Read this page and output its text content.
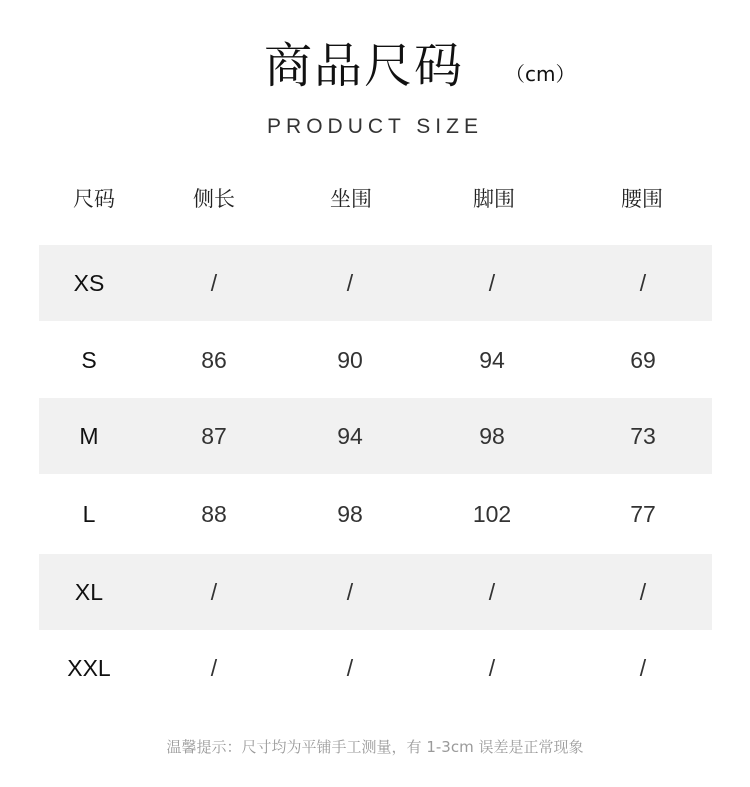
商品尺码 （cm）
PRODUCT SIZE
尺码	侧长	坐围	脚围	腰围
XS	/	/	/	/
S	86	90	94	69
M	87	94	98	73
L	88	98	102	77
XL	/	/	/	/
XXL	/	/	/	/
温馨提示：尺寸均为平铺手工测量，有 1-3cm 误差是正常现象
